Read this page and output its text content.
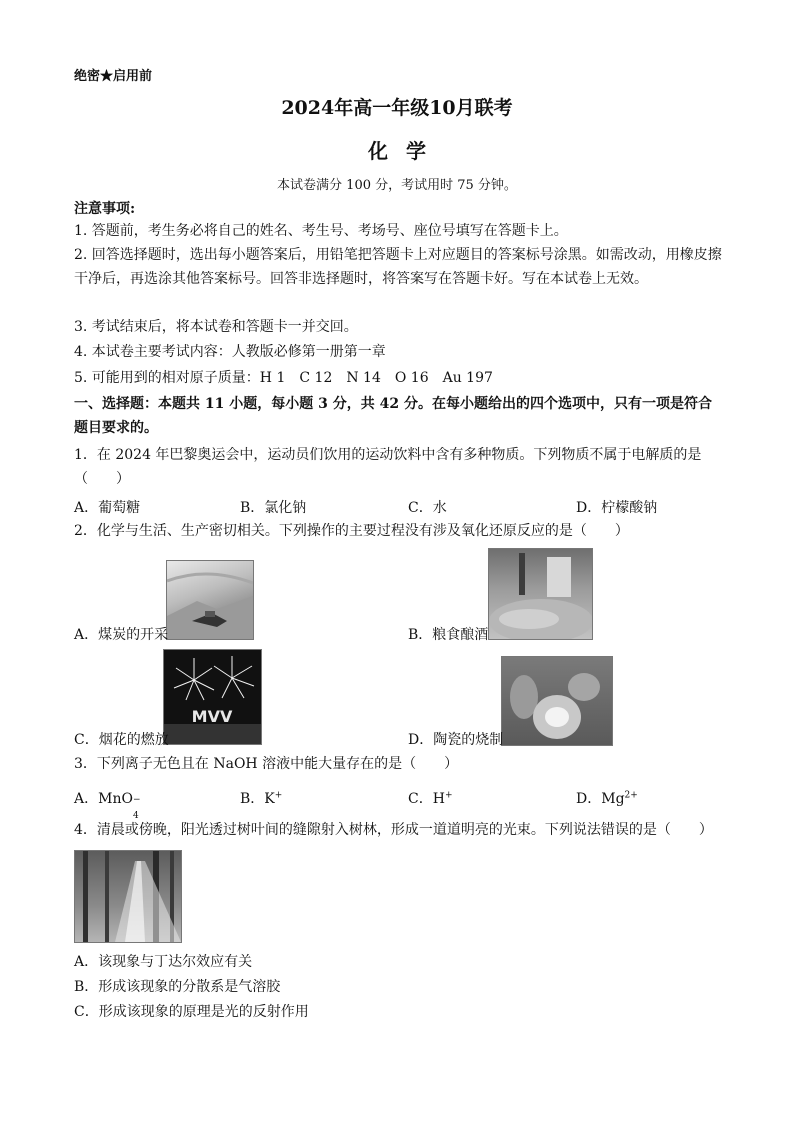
绝密★启用前
2024年高一年级10月联考
化学
本试卷满分 100 分，考试用时 75 分钟。
注意事项:
1. 答题前，考生务必将自己的姓名、考生号、考场号、座位号填写在答题卡上。
2. 回答选择题时，选出每小题答案后，用铅笔把答题卡上对应题目的答案标号涂黑。如需改动，用橡皮擦干净后，再选涂其他答案标号。回答非选择题时，将答案写在答题卡好。写在本试卷上无效。
3. 考试结束后，将本试卷和答题卡一并交回。
4. 本试卷主要考试内容：人教版必修第一册第一章
5. 可能用到的相对原子质量：H 1　C 12　N 14　O 16　Au 197
一、选择题：本题共 11 小题，每小题 3 分，共 42 分。在每小题给出的四个选项中，只有一项是符合题目要求的。
1．在 2024 年巴黎奥运会中，运动员们饮用的运动饮料中含有多种物质。下列物质不属于电解质的是（　　）
A．葡萄糖	B．氯化钠	C．水	D．柠檬酸钠
2．化学与生活、生产密切相关。下列操作的主要过程没有涉及氧化还原反应的是（　　）
A．煤炭的开采	B．粮食酿酒
MVV
C．烟花的燃放	D．陶瓷的烧制
3．下列离子无色且在 NaOH 溶液中能大量存在的是（　　）
A．MnO −
4
B．K+	C．H+	D．$Mg^{2+}$
4．清晨或傍晚，阳光透过树叶间的缝隙射入树林，形成一道道明亮的光束。下列说法错误的是（　　）
A．该现象与丁达尔效应有关
B．形成该现象的分散系是气溶胶
C．形成该现象的原理是光的反射作用
